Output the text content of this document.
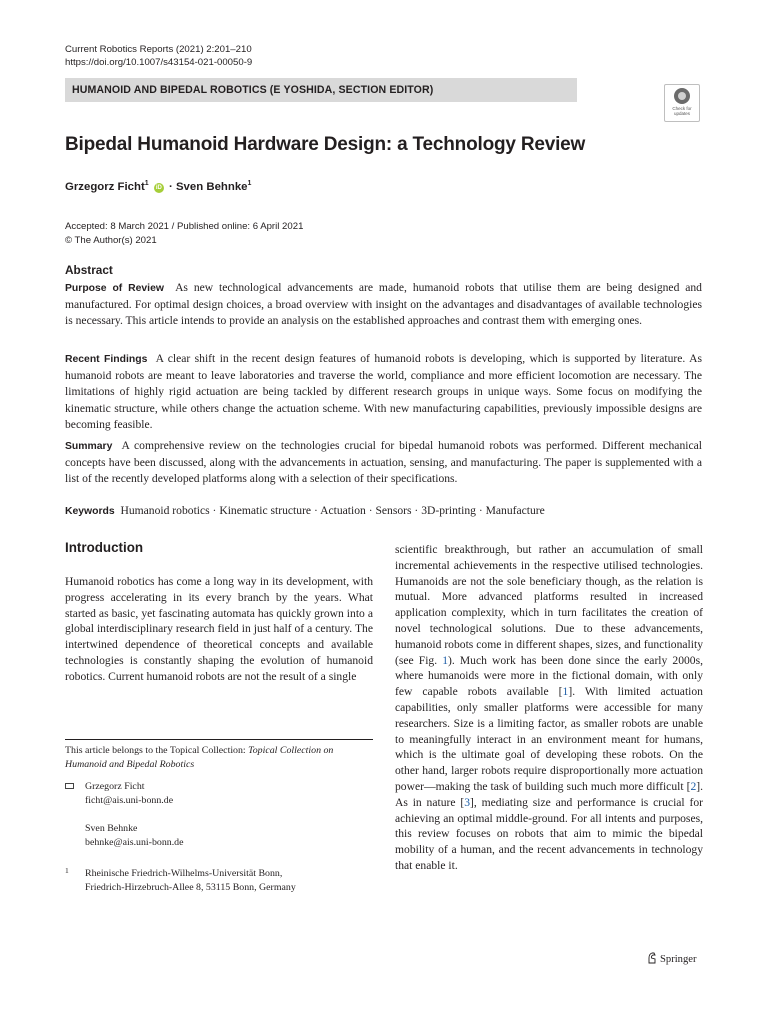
Current Robotics Reports (2021) 2:201–210
https://doi.org/10.1007/s43154-021-00050-9
HUMANOID AND BIPEDAL ROBOTICS (E YOSHIDA, SECTION EDITOR)
Check for
updates
Bipedal Humanoid Hardware Design: a Technology Review
Grzegorz Ficht$^1$ iD · Sven Behnke$^1$
Accepted: 8 March 2021 / Published online: 6 April 2021
© The Author(s) 2021
Abstract

Purpose of Review As new technological advancements are made, humanoid robots that utilise them are being designed and manufactured. For optimal design choices, a broad overview with insight on the advantages and disadvantages of available technologies is necessary. This article intends to provide an analysis on the established approaches and contrast them with emerging ones.

Recent Findings A clear shift in the recent design features of humanoid robots is developing, which is supported by literature. As humanoid robots are meant to leave laboratories and traverse the world, compliance and more efficient locomotion are necessary. The limitations of highly rigid actuation are being tackled by different research groups in unique ways. Some focus on modifying the kinematic structure, while others change the actuation scheme. With new manufacturing capabilities, previously impossible designs are becoming feasible.

Summary A comprehensive review on the technologies crucial for bipedal humanoid robots was performed. Different mechanical concepts have been discussed, along with the advancements in actuation, sensing, and manufacturing. The paper is supplemented with a list of the recently developed platforms along with a selection of their specifications.

Keywords Humanoid robotics · Kinematic structure · Actuation · Sensors · 3D-printing · Manufacture
Introduction

Humanoid robotics has come a long way in its development, with progress accelerating in its every branch by the years. What started as basic, yet fascinating automata has quickly grown into a global interdisciplinary research field in just half of a century. The intertwined dependence of theoretical concepts and available technologies is constantly shaping the evolution of humanoid robotics. Current humanoid robots are not the result of a single

scientific breakthrough, but rather an accumulation of small incremental achievements in the respective utilised technologies. Humanoids are not the sole beneficiary though, as the relation is mutual. More advanced platforms resulted in increased application complexity, which in turn facilitates the creation of novel technological solutions. Due to these advancements, humanoid robots come in different shapes, sizes, and functionality (see Fig. 1). Much work has been done since the early 2000s, where humanoids were more in the fictional domain, with only few capable robots available [1]. With limited actuation capabilities, only smaller platforms were accessible for many researchers. Size is a limiting factor, as smaller robots are unable to meaningfully interact in an environment meant for humans, which is the ultimate goal of developing these robots. On the other hand, larger robots require disproportionally more actuation power—making the task of building such much more difficult [2]. As in nature [3], mediating size and performance is crucial for achieving an optimal middle-ground. For all intents and purposes, this review focuses on robots that aim to mimic the bipedal mobility of a human, and the recent advancements in technology that enable it.

This article belongs to the Topical Collection: Topical Collection on Humanoid and Bipedal Robotics
Grzegorz Ficht
ficht@ais.uni-bonn.de
Sven Behnke
behnke@ais.uni-bonn.de
1 Rheinische Friedrich-Wilhelms-Universität Bonn,
Friedrich-Hirzebruch-Allee 8, 53115 Bonn, Germany
Springer
